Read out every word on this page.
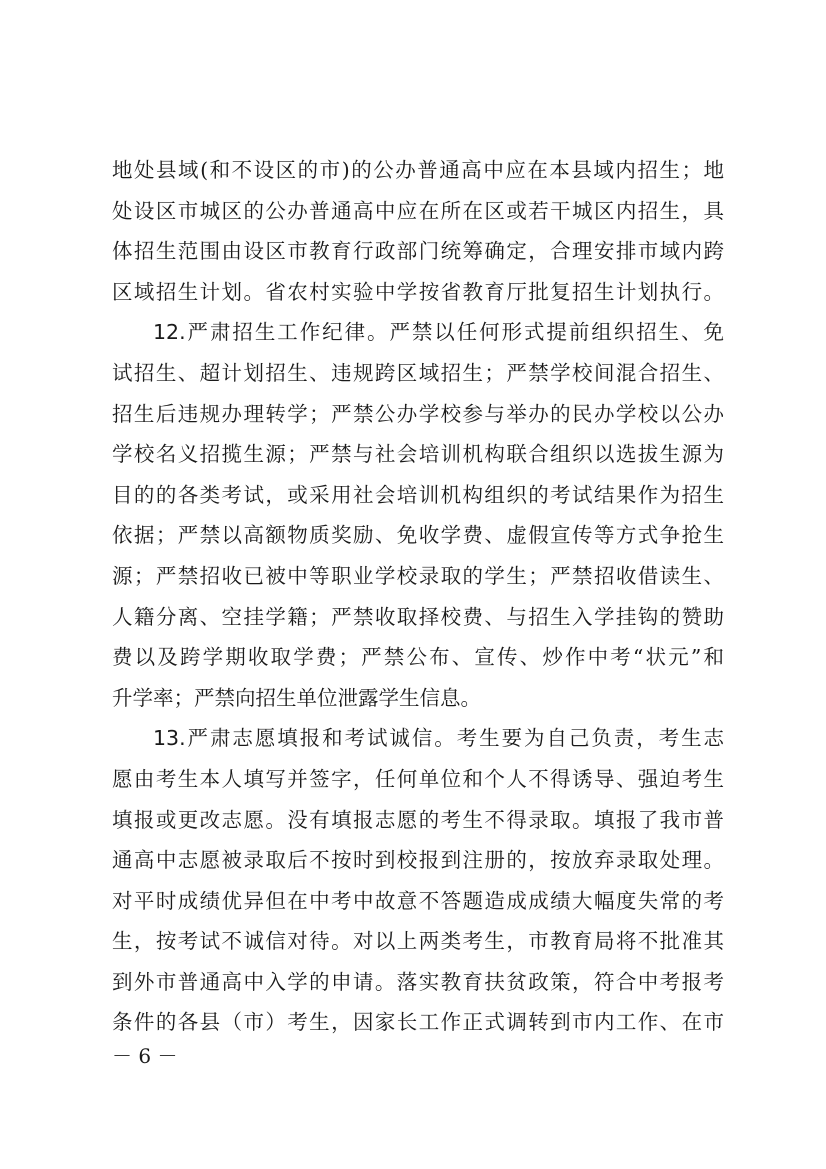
地处县域(和不设区的市)的公办普通高中应在本县域内招生；地
处设区市城区的公办普通高中应在所在区或若干城区内招生，具
体招生范围由设区市教育行政部门统筹确定，合理安排市域内跨
区域招生计划。省农村实验中学按省教育厅批复招生计划执行。
12.严肃招生工作纪律。严禁以任何形式提前组织招生、免
试招生、超计划招生、违规跨区域招生；严禁学校间混合招生、
招生后违规办理转学；严禁公办学校参与举办的民办学校以公办
学校名义招揽生源；严禁与社会培训机构联合组织以选拔生源为
目的的各类考试，或采用社会培训机构组织的考试结果作为招生
依据；严禁以高额物质奖励、免收学费、虚假宣传等方式争抢生
源；严禁招收已被中等职业学校录取的学生；严禁招收借读生、
人籍分离、空挂学籍；严禁收取择校费、与招生入学挂钩的赞助
费以及跨学期收取学费；严禁公布、宣传、炒作中考“状元”和
升学率；严禁向招生单位泄露学生信息。
13.严肃志愿填报和考试诚信。考生要为自己负责，考生志
愿由考生本人填写并签字，任何单位和个人不得诱导、强迫考生
填报或更改志愿。没有填报志愿的考生不得录取。填报了我市普
通高中志愿被录取后不按时到校报到注册的，按放弃录取处理。
对平时成绩优异但在中考中故意不答题造成成绩大幅度失常的考
生，按考试不诚信对待。对以上两类考生，市教育局将不批准其
到外市普通高中入学的申请。落实教育扶贫政策，符合中考报考
条件的各县（市）考生，因家长工作正式调转到市内工作、在市
－ 6 －
